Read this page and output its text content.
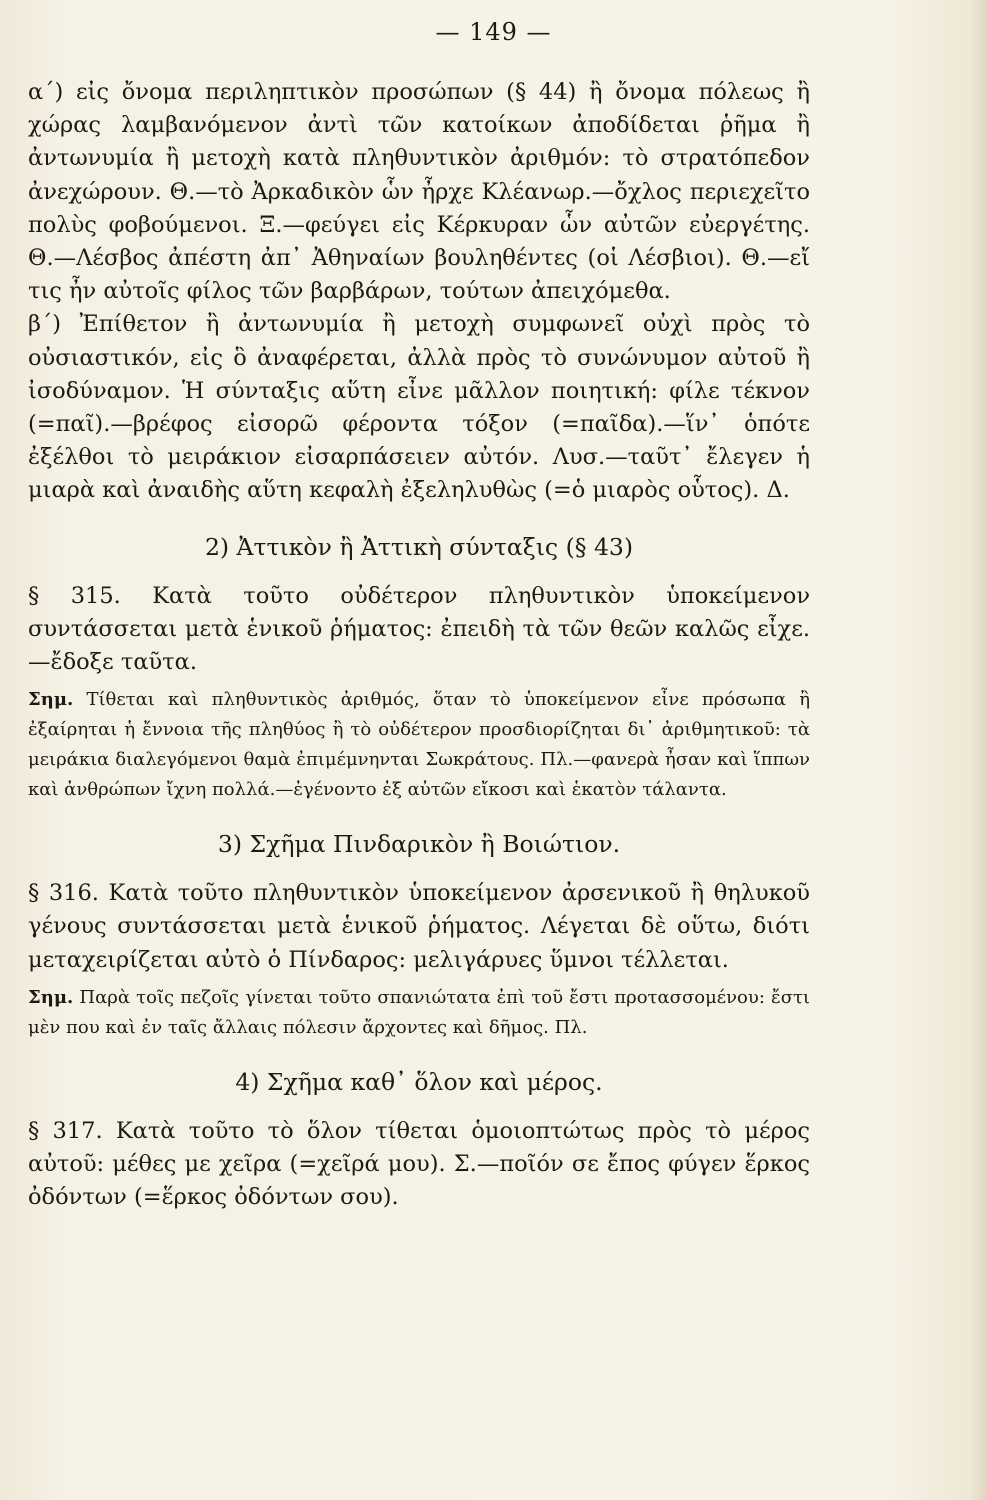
— 149 —

α΄) εἰς ὄνομα περιληπτικὸν προσώπων (§ 44) ἢ ὄνομα πόλεως ἢ χώρας λαμβανόμενον ἀντὶ τῶν κατοίκων ἀποδίδεται ῥῆμα ἢ ἀντωνυμία ἢ μετοχὴ κατὰ πληθυντικὸν ἀριθμόν: τὸ στρατόπεδον ἀνεχώρουν. Θ.—τὸ Ἀρκαδικὸν ὧν ἦρχε Κλέανωρ.—ὄχλος περιεχεῖτο πολὺς φοβούμενοι. Ξ.—φεύγει εἰς Κέρκυραν ὧν αὐτῶν εὐεργέτης. Θ.—Λέσβος ἀπέστη ἀπ᾽ Ἀθηναίων βουληθέντες (οἱ Λέσβιοι). Θ.—εἴ τις ἦν αὐτοῖς φίλος τῶν βαρβάρων, τούτων ἀπειχόμεθα.

β΄) Ἐπίθετον ἢ ἀντωνυμία ἢ μετοχὴ συμφωνεῖ οὐχὶ πρὸς τὸ οὐσιαστικόν, εἰς ὃ ἀναφέρεται, ἀλλὰ πρὸς τὸ συνώνυμον αὐτοῦ ἢ ἰσοδύναμον. Ἡ σύνταξις αὕτη εἶνε μᾶλλον ποιητική: φίλε τέκνον (=παῖ).—βρέφος εἰσορῶ φέροντα τόξον (=παῖδα).—ἵν᾽ ὁπότε ἐξέλθοι τὸ μειράκιον εἰσαρπάσειεν αὐτόν. Λυσ.—ταῦτ᾽ ἔλεγεν ἡ μιαρὰ καὶ ἀναιδὴς αὕτη κεφαλὴ ἐξεληλυθὼς (=ὁ μιαρὸς οὗτος). Δ.

2) Ἀττικὸν ἢ Ἀττικὴ σύνταξις (§ 43)

§ 315. Κατὰ τοῦτο οὐδέτερον πληθυντικὸν ὑποκείμενον συντάσσεται μετὰ ἑνικοῦ ῥήματος: ἐπειδὴ τὰ τῶν θεῶν καλῶς εἶχε.—ἔδοξε ταῦτα.

Σημ. Τίθεται καὶ πληθυντικὸς ἀριθμός, ὅταν τὸ ὑποκείμενον εἶνε πρόσωπα ἢ ἐξαίρηται ἡ ἔννοια τῆς πληθύος ἢ τὸ οὐδέτερον προσδιορίζηται δι᾽ ἀριθμητικοῦ: τὰ μειράκια διαλεγόμενοι θαμὰ ἐπιμέμνηνται Σωκράτους. Πλ.—φανερὰ ἦσαν καὶ ἵππων καὶ ἀνθρώπων ἴχνη πολλά.—ἐγένοντο ἐξ αὐτῶν εἴκοσι καὶ ἑκατὸν τάλαντα.

3) Σχῆμα Πινδαρικὸν ἢ Βοιώτιον.

§ 316. Κατὰ τοῦτο πληθυντικὸν ὑποκείμενον ἀρσενικοῦ ἢ θηλυκοῦ γένους συντάσσεται μετὰ ἑνικοῦ ῥήματος. Λέγεται δὲ οὕτω, διότι μεταχειρίζεται αὐτὸ ὁ Πίνδαρος: μελιγάρυες ὕμνοι τέλλεται.

Σημ. Παρὰ τοῖς πεζοῖς γίνεται τοῦτο σπανιώτατα ἐπὶ τοῦ ἔστι προτασσομένου: ἔστι μὲν που καὶ ἐν ταῖς ἄλλαις πόλεσιν ἄρχοντες καὶ δῆμος. Πλ.

4) Σχῆμα καθ᾽ ὅλον καὶ μέρος.

§ 317. Κατὰ τοῦτο τὸ ὅλον τίθεται ὁμοιοπτώτως πρὸς τὸ μέρος αὐτοῦ: μέθες με χεῖρα (=χεῖρά μου). Σ.—ποῖόν σε ἔπος φύγεν ἕρκος ὀδόντων (=ἕρκος ὀδόντων σου).
